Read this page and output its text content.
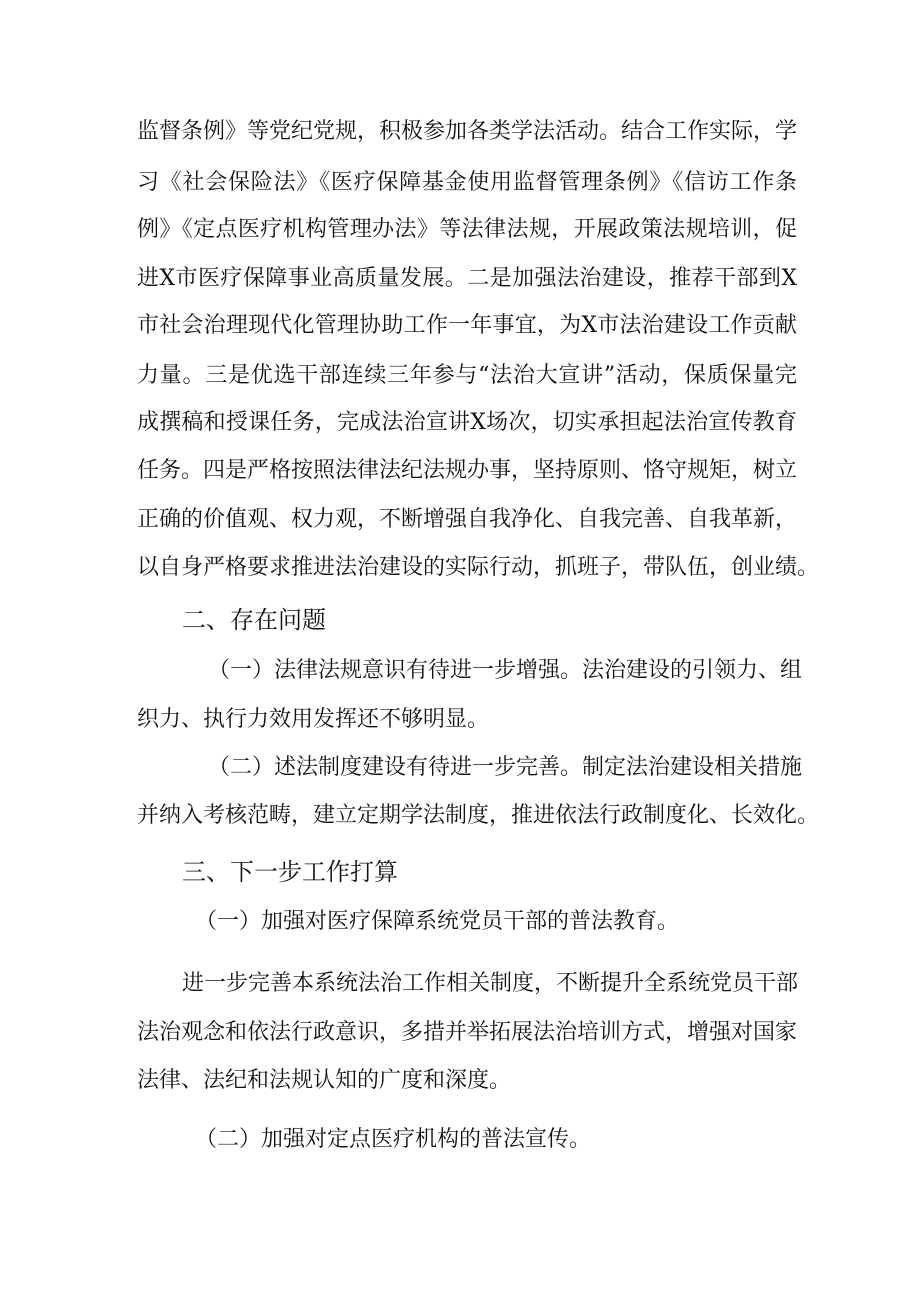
监督条例》等党纪党规，积极参加各类学法活动。结合工作实际，学
习《社会保险法》《医疗保障基金使用监督管理条例》《信访工作条
例》《定点医疗机构管理办法》等法律法规，开展政策法规培训，促
进X市医疗保障事业高质量发展。二是加强法治建设，推荐干部到X
市社会治理现代化管理协助工作一年事宜，为X市法治建设工作贡献
力量。三是优选干部连续三年参与“法治大宣讲”活动，保质保量完
成撰稿和授课任务，完成法治宣讲X场次，切实承担起法治宣传教育
任务。四是严格按照法律法纪法规办事，坚持原则、恪守规矩，树立
正确的价值观、权力观，不断增强自我净化、自我完善、自我革新，
以自身严格要求推进法治建设的实际行动，抓班子，带队伍，创业绩。
二、存在问题
（一）法律法规意识有待进一步增强。法治建设的引领力、组
织力、执行力效用发挥还不够明显。
（二）述法制度建设有待进一步完善。制定法治建设相关措施
并纳入考核范畴，建立定期学法制度，推进依法行政制度化、长效化。
三、下一步工作打算
（一）加强对医疗保障系统党员干部的普法教育。
进一步完善本系统法治工作相关制度，不断提升全系统党员干部
法治观念和依法行政意识，多措并举拓展法治培训方式，增强对国家
法律、法纪和法规认知的广度和深度。
（二）加强对定点医疗机构的普法宣传。
